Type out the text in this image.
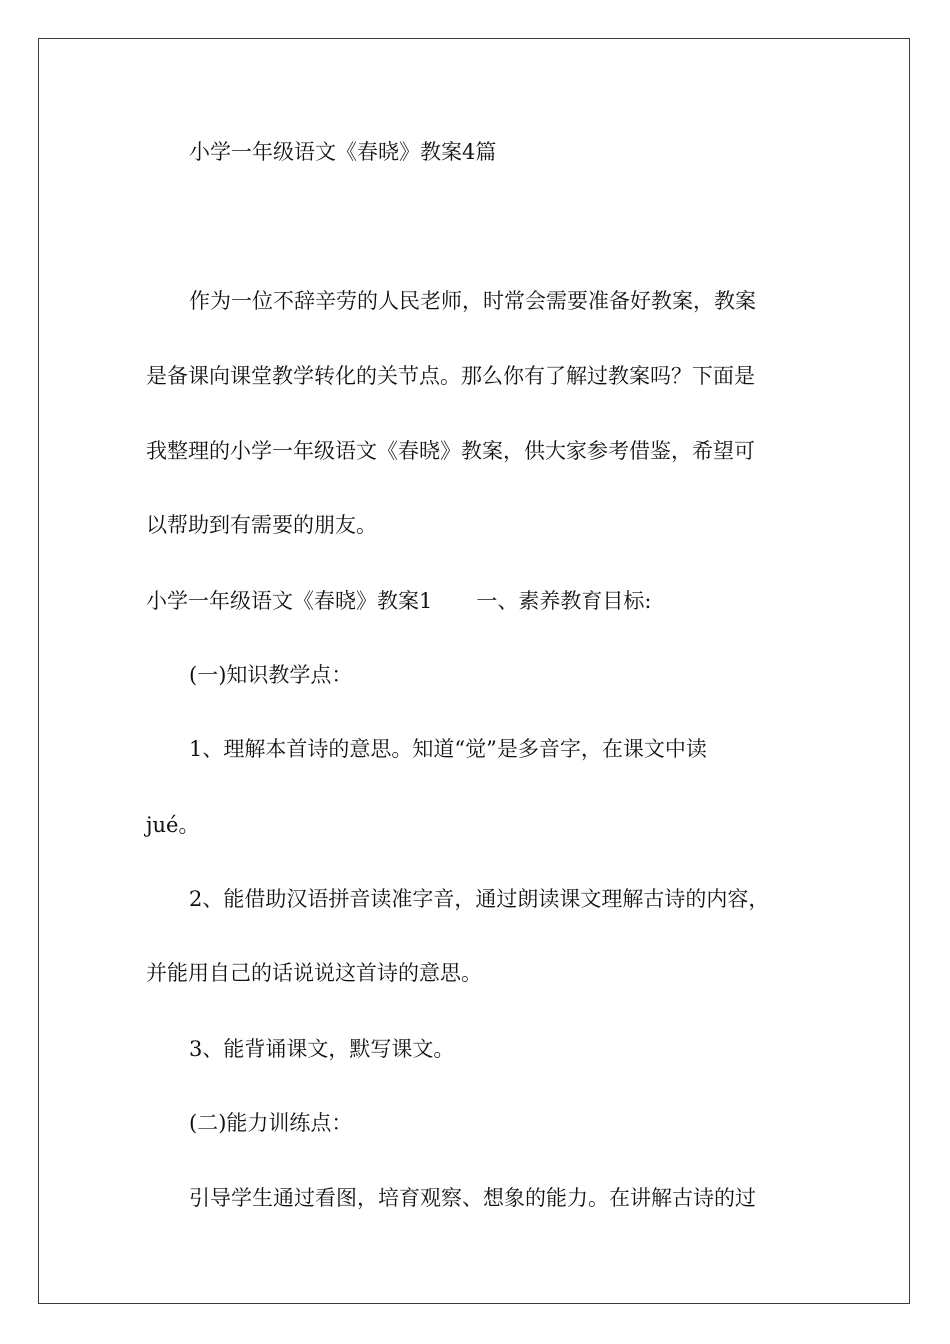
小学一年级语文《春晓》教案4篇
作为一位不辞辛劳的人民老师，时常会需要准备好教案，教案
是备课向课堂教学转化的关节点。那么你有了解过教案吗？下面是
我整理的小学一年级语文《春晓》教案，供大家参考借鉴，希望可
以帮助到有需要的朋友。
小学一年级语文《春晓》教案1 一、素养教育目标:
(一)知识教学点：
1、理解本首诗的意思。知道“觉”是多音字，在课文中读
jué。
2、能借助汉语拼音读准字音，通过朗读课文理解古诗的内容，
并能用自己的话说说这首诗的意思。
3、能背诵课文，默写课文。
(二)能力训练点：
引导学生通过看图，培育观察、想象的能力。在讲解古诗的过
